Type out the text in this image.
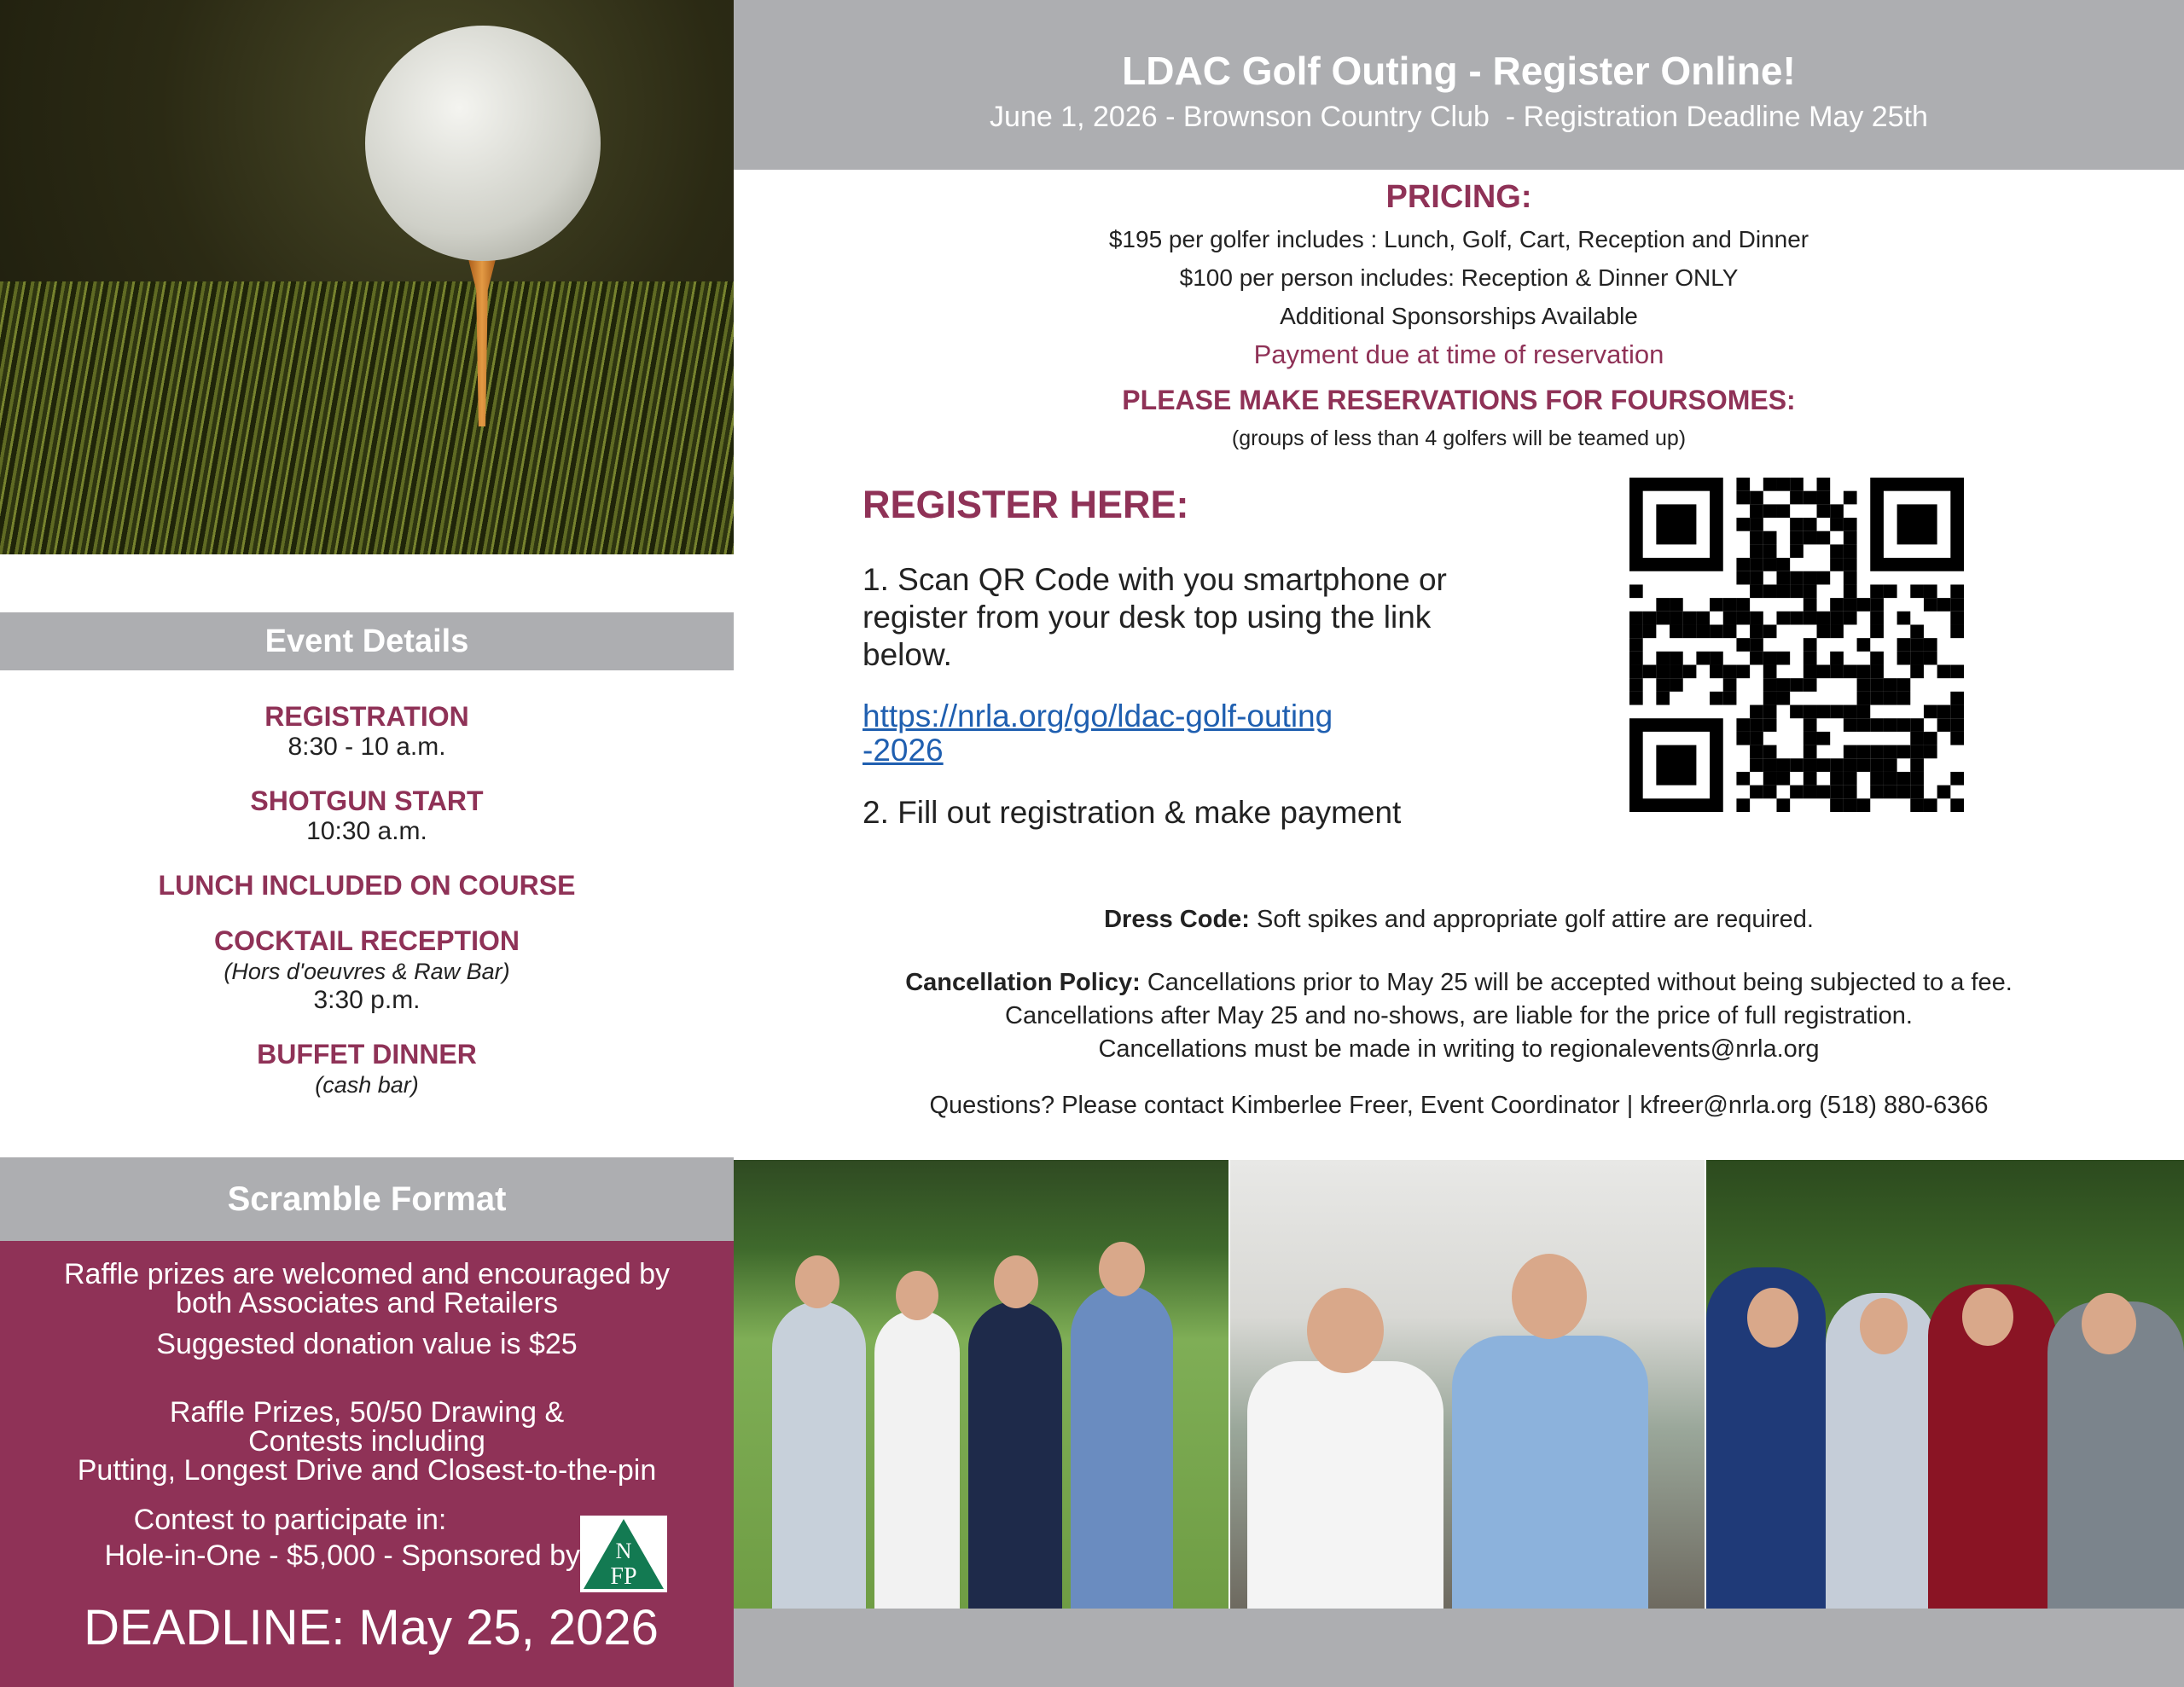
LDAC Golf Outing - Register Online!
June 1, 2026 - Brownson Country Club  - Registration Deadline May 25th
PRICING:
$195 per golfer includes : Lunch, Golf, Cart, Reception and Dinner
$100 per person includes: Reception & Dinner ONLY
Additional Sponsorships Available
Payment due at time of reservation
PLEASE MAKE RESERVATIONS FOR FOURSOMES:
(groups of less than 4 golfers will be teamed up)
REGISTER HERE:
1. Scan QR Code with you smartphone or register from your desk top using the link below.
https://nrla.org/go/ldac-golf-outing-2026
2. Fill out registration & make payment
Dress Code: Soft spikes and appropriate golf attire are required.
Cancellation Policy: Cancellations prior to May 25 will be accepted without being subjected to a fee.
Cancellations after May 25 and no-shows, are liable for the price of full registration.
Cancellations must be made in writing to regionalevents@nrla.org
Questions? Please contact Kimberlee Freer, Event Coordinator | kfreer@nrla.org (518) 880-6366
Event Details
REGISTRATION

8:30 - 10 a.m.

SHOTGUN START

10:30 a.m.

LUNCH INCLUDED ON COURSE
COCKTAIL RECEPTION

(Hors d'oeuvres & Raw Bar)

3:30 p.m.

BUFFET DINNER

(cash bar)

Scramble Format
Raffle prizes are welcomed and encouraged by both Associates and Retailers
Suggested donation value is $25
Raffle Prizes, 50/50 Drawing &
Contests including
Putting, Longest Drive and Closest-to-the-pin
Contest to participate in:
Hole-in-One - $5,000 - Sponsored by N
FP
DEADLINE: May 25, 2026
